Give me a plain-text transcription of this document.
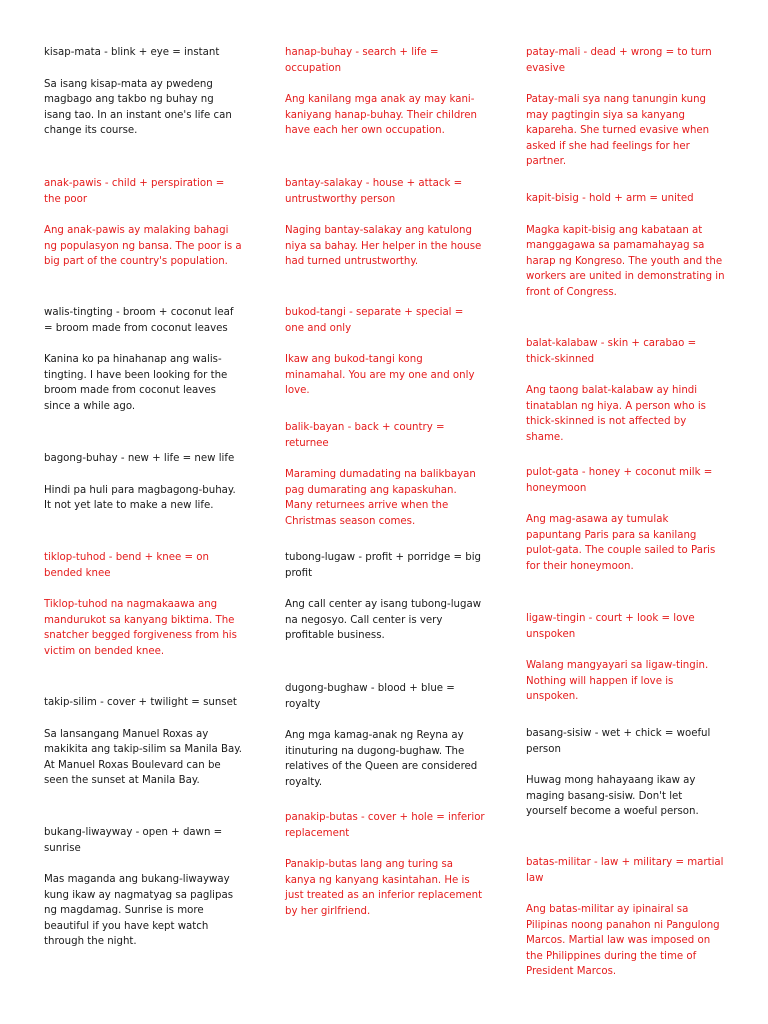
kisap-mata - blink + eye = instant
Sa isang kisap-mata ay pwedeng magbago ang takbo ng buhay ng isang tao. In an instant one's life can change its course.
anak-pawis - child + perspiration = the poor
Ang anak-pawis ay malaking bahagi ng populasyon ng bansa. The poor is a big part of the country's population.
walis-tingting - broom + coconut leaf = broom made from coconut leaves
Kanina ko pa hinahanap ang walis-tingting. I have been looking for the broom made from coconut leaves since a while ago.
bagong-buhay - new + life = new life
Hindi pa huli para magbagong-buhay. It not yet late to make a new life.
tiklop-tuhod - bend + knee = on bended knee
Tiklop-tuhod na nagmakaawa ang mandurukot sa kanyang biktima. The snatcher begged forgiveness from his victim on bended knee.
takip-silim - cover + twilight = sunset
Sa lansangang Manuel Roxas ay makikita ang takip-silim sa Manila Bay. At Manuel Roxas Boulevard can be seen the sunset at Manila Bay.
bukang-liwayway - open + dawn = sunrise
Mas maganda ang bukang-liwayway kung ikaw ay nagmatyag sa paglipas ng magdamag. Sunrise is more beautiful if you have kept watch through the night.
hanap-buhay - search + life = occupation
Ang kanilang mga anak ay may kani-kaniyang hanap-buhay. Their children have each her own occupation.
bantay-salakay - house + attack = untrustworthy person
Naging bantay-salakay ang katulong niya sa bahay. Her helper in the house had turned untrustworthy.
bukod-tangi - separate + special = one and only
Ikaw ang bukod-tangi kong minamahal. You are my one and only love.
balik-bayan - back + country = returnee
Maraming dumadating na balikbayan pag dumarating ang kapaskuhan. Many returnees arrive when the Christmas season comes.
tubong-lugaw - profit + porridge = big profit
Ang call center ay isang tubong-lugaw na negosyo. Call center is very profitable business.
dugong-bughaw - blood + blue = royalty
Ang mga kamag-anak ng Reyna ay itinuturing na dugong-bughaw. The relatives of the Queen are considered royalty.
panakip-butas - cover + hole = inferior replacement
Panakip-butas lang ang turing sa kanya ng kanyang kasintahan. He is just treated as an inferior replacement by her girlfriend.
patay-mali - dead + wrong = to turn evasive
Patay-mali sya nang tanungin kung may pagtingin siya sa kanyang kapareha. She turned evasive when asked if she had feelings for her partner.
kapit-bisig - hold + arm = united
Magka kapit-bisig ang kabataan at manggagawa sa pamamahayag sa harap ng Kongreso. The youth and the workers are united in demonstrating in front of Congress.
balat-kalabaw - skin + carabao = thick-skinned
Ang taong balat-kalabaw ay hindi tinatablan ng hiya. A person who is thick-skinned is not affected by shame.
pulot-gata - honey + coconut milk = honeymoon
Ang mag-asawa ay tumulak papuntang Paris para sa kanilang pulot-gata. The couple sailed to Paris for their honeymoon.
ligaw-tingin - court + look = love unspoken
Walang mangyayari sa ligaw-tingin. Nothing will happen if love is unspoken.
basang-sisiw - wet + chick = woeful person
Huwag mong hahayaang ikaw ay maging basang-sisiw. Don't let yourself become a woeful person.
batas-militar - law + military = martial law
Ang batas-militar ay ipinairal sa Pilipinas noong panahon ni Pangulong Marcos. Martial law was imposed on the Philippines during the time of President Marcos.
